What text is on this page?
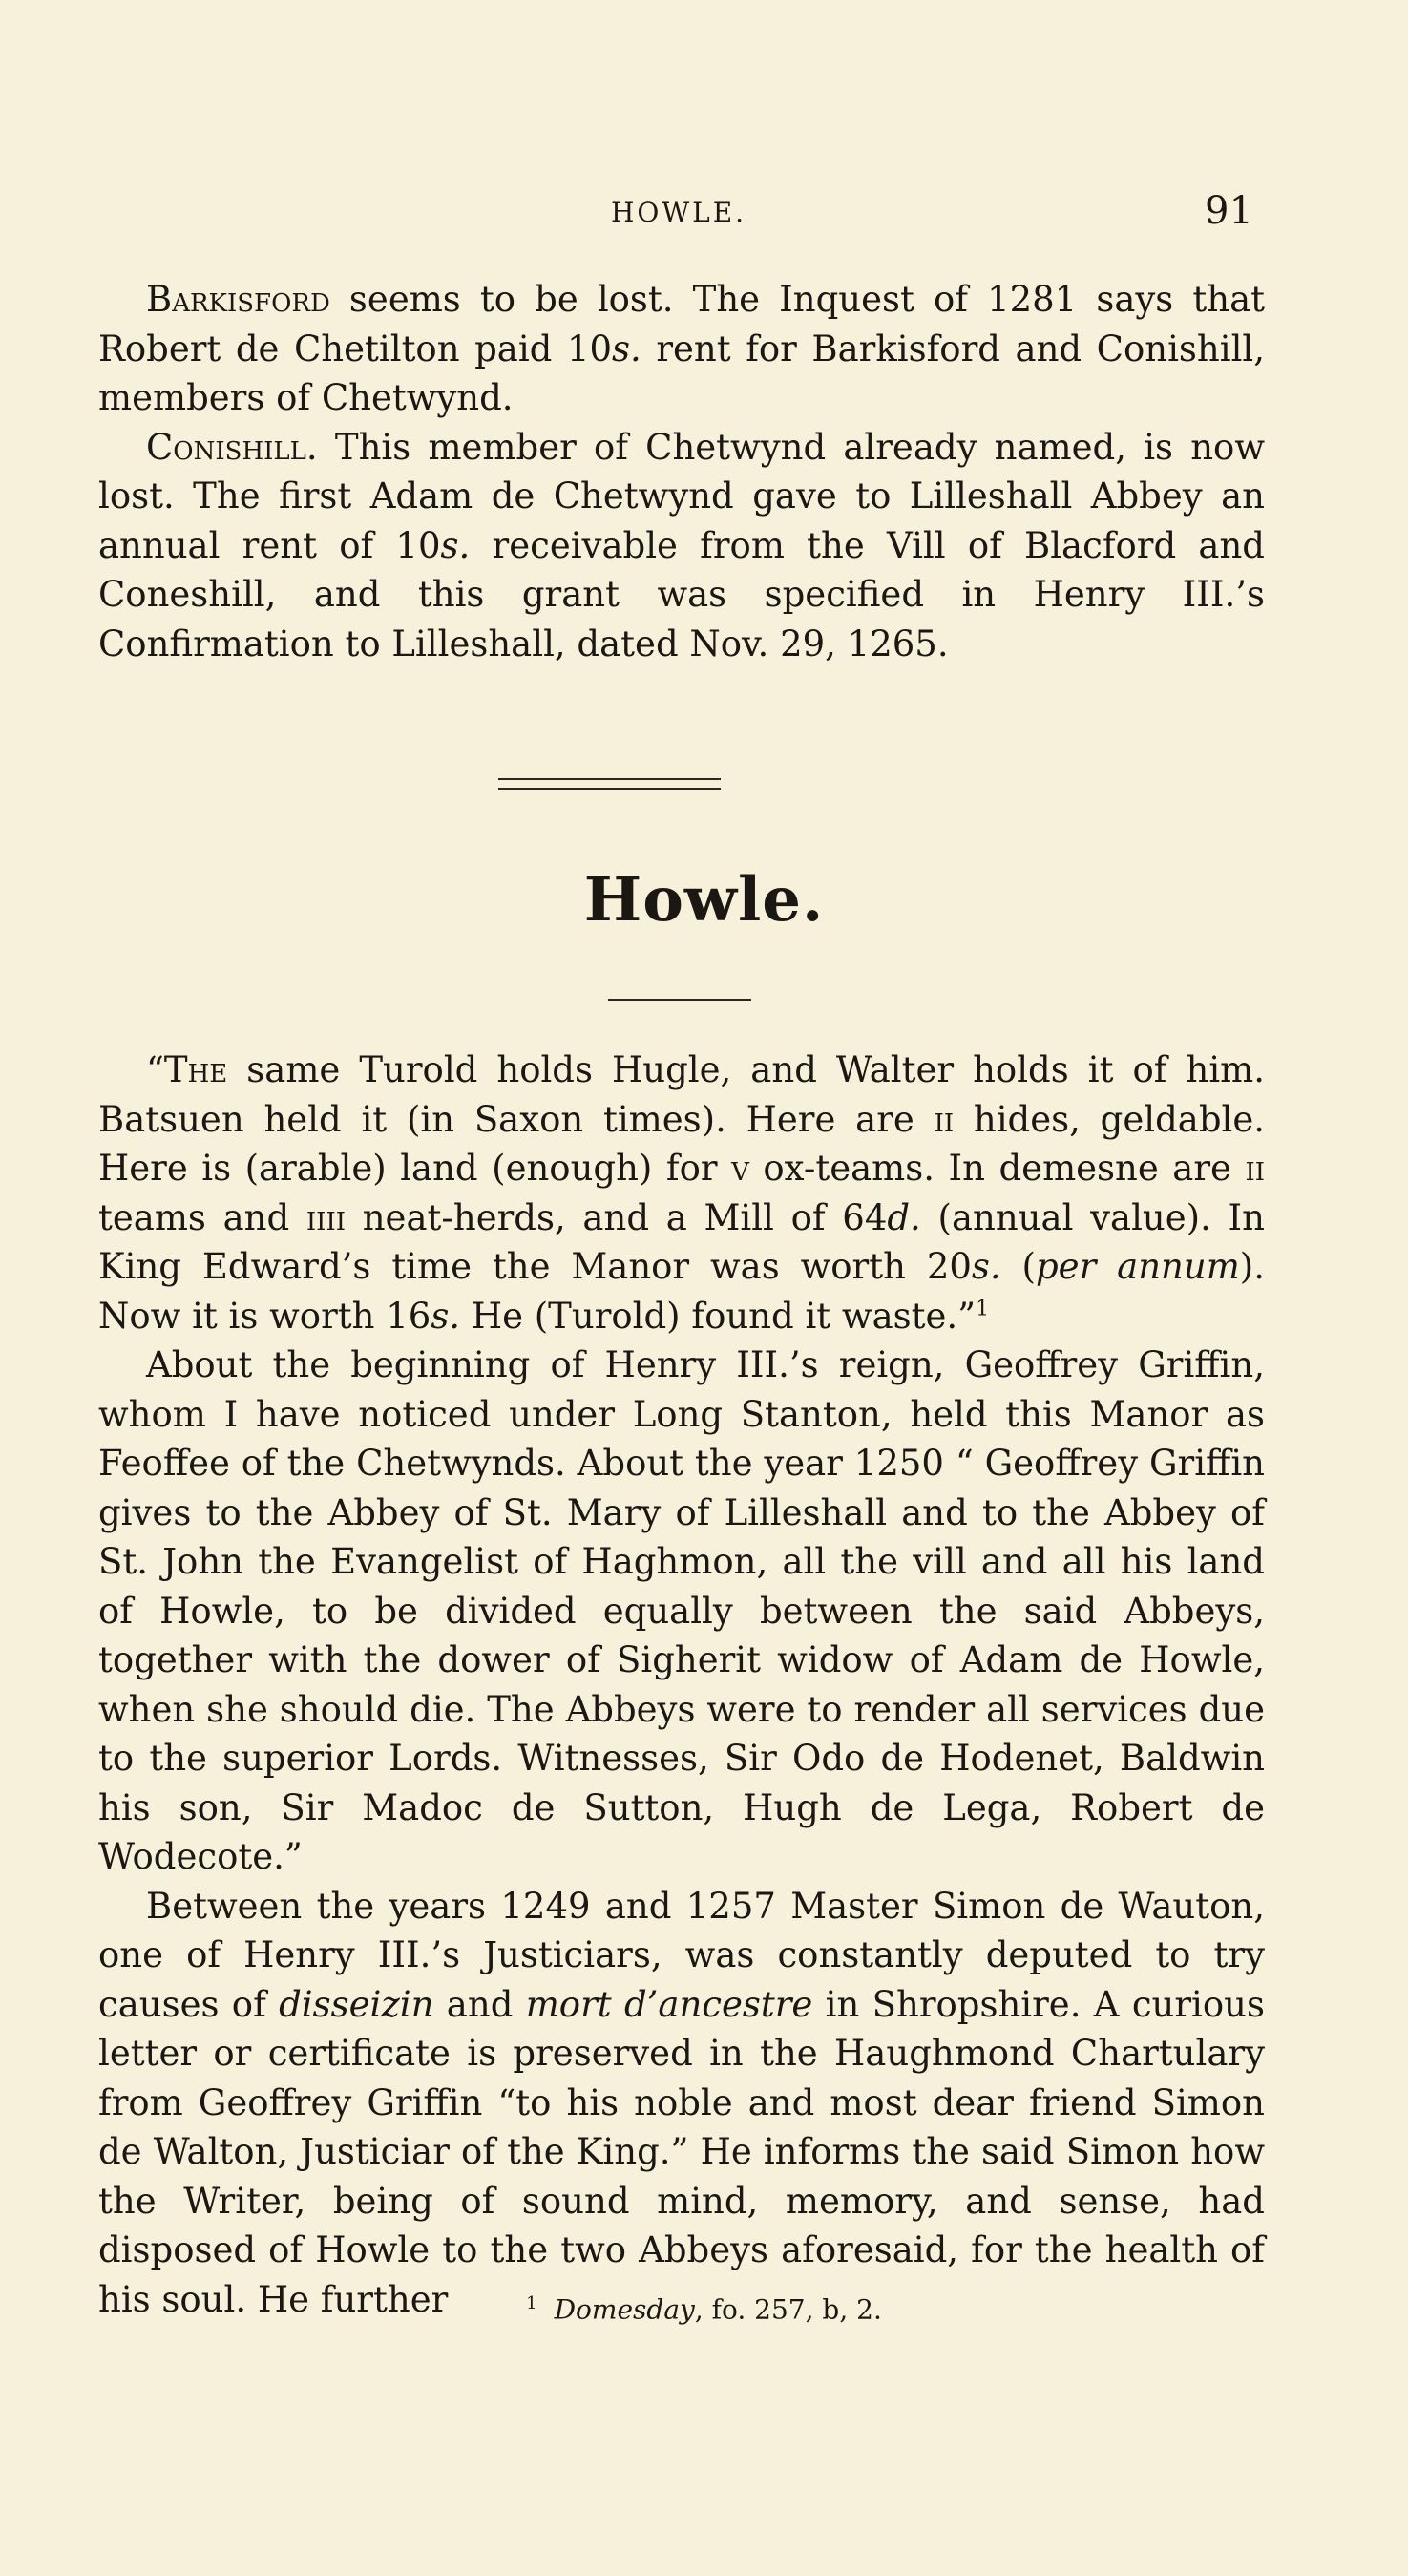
HOWLE.	91

Barkisford seems to be lost. The Inquest of 1281 says that Robert de Chetilton paid 10s. rent for Barkisford and Conishill, members of Chetwynd.

Conishill. This member of Chetwynd already named, is now lost. The first Adam de Chetwynd gave to Lilleshall Abbey an annual rent of 10s. receivable from the Vill of Blacford and Coneshill, and this grant was specified in Henry III.’s Confirmation to Lilleshall, dated Nov. 29, 1265.

Howle.

“The same Turold holds Hugle, and Walter holds it of him. Batsuen held it (in Saxon times). Here are ii hides, geldable. Here is (arable) land (enough) for v ox-teams. In demesne are ii teams and iiii neat-herds, and a Mill of 64d. (annual value). In King Edward’s time the Manor was worth 20s. (per annum). Now it is worth 16s. He (Turold) found it waste.”$^1$

About the beginning of Henry III.’s reign, Geoffrey Griffin, whom I have noticed under Long Stanton, held this Manor as Feoffee of the Chetwynds. About the year 1250 “ Geoffrey Griffin gives to the Abbey of St. Mary of Lilleshall and to the Abbey of St. John the Evangelist of Haghmon, all the vill and all his land of Howle, to be divided equally between the said Abbeys, together with the dower of Sigherit widow of Adam de Howle, when she should die. The Abbeys were to render all services due to the superior Lords. Witnesses, Sir Odo de Hodenet, Baldwin his son, Sir Madoc de Sutton, Hugh de Lega, Robert de Wodecote.”

Between the years 1249 and 1257 Master Simon de Wauton, one of Henry III.’s Justiciars, was constantly deputed to try causes of disseizin and mort d’ancestre in Shropshire. A curious letter or certificate is preserved in the Haughmond Chartulary from Geoffrey Griffin “to his noble and most dear friend Simon de Walton, Justiciar of the King.” He informs the said Simon how the Writer, being of sound mind, memory, and sense, had disposed of Howle to the two Abbeys aforesaid, for the health of his soul. He further	$^1$ Domesday, fo. 257, b, 2.
